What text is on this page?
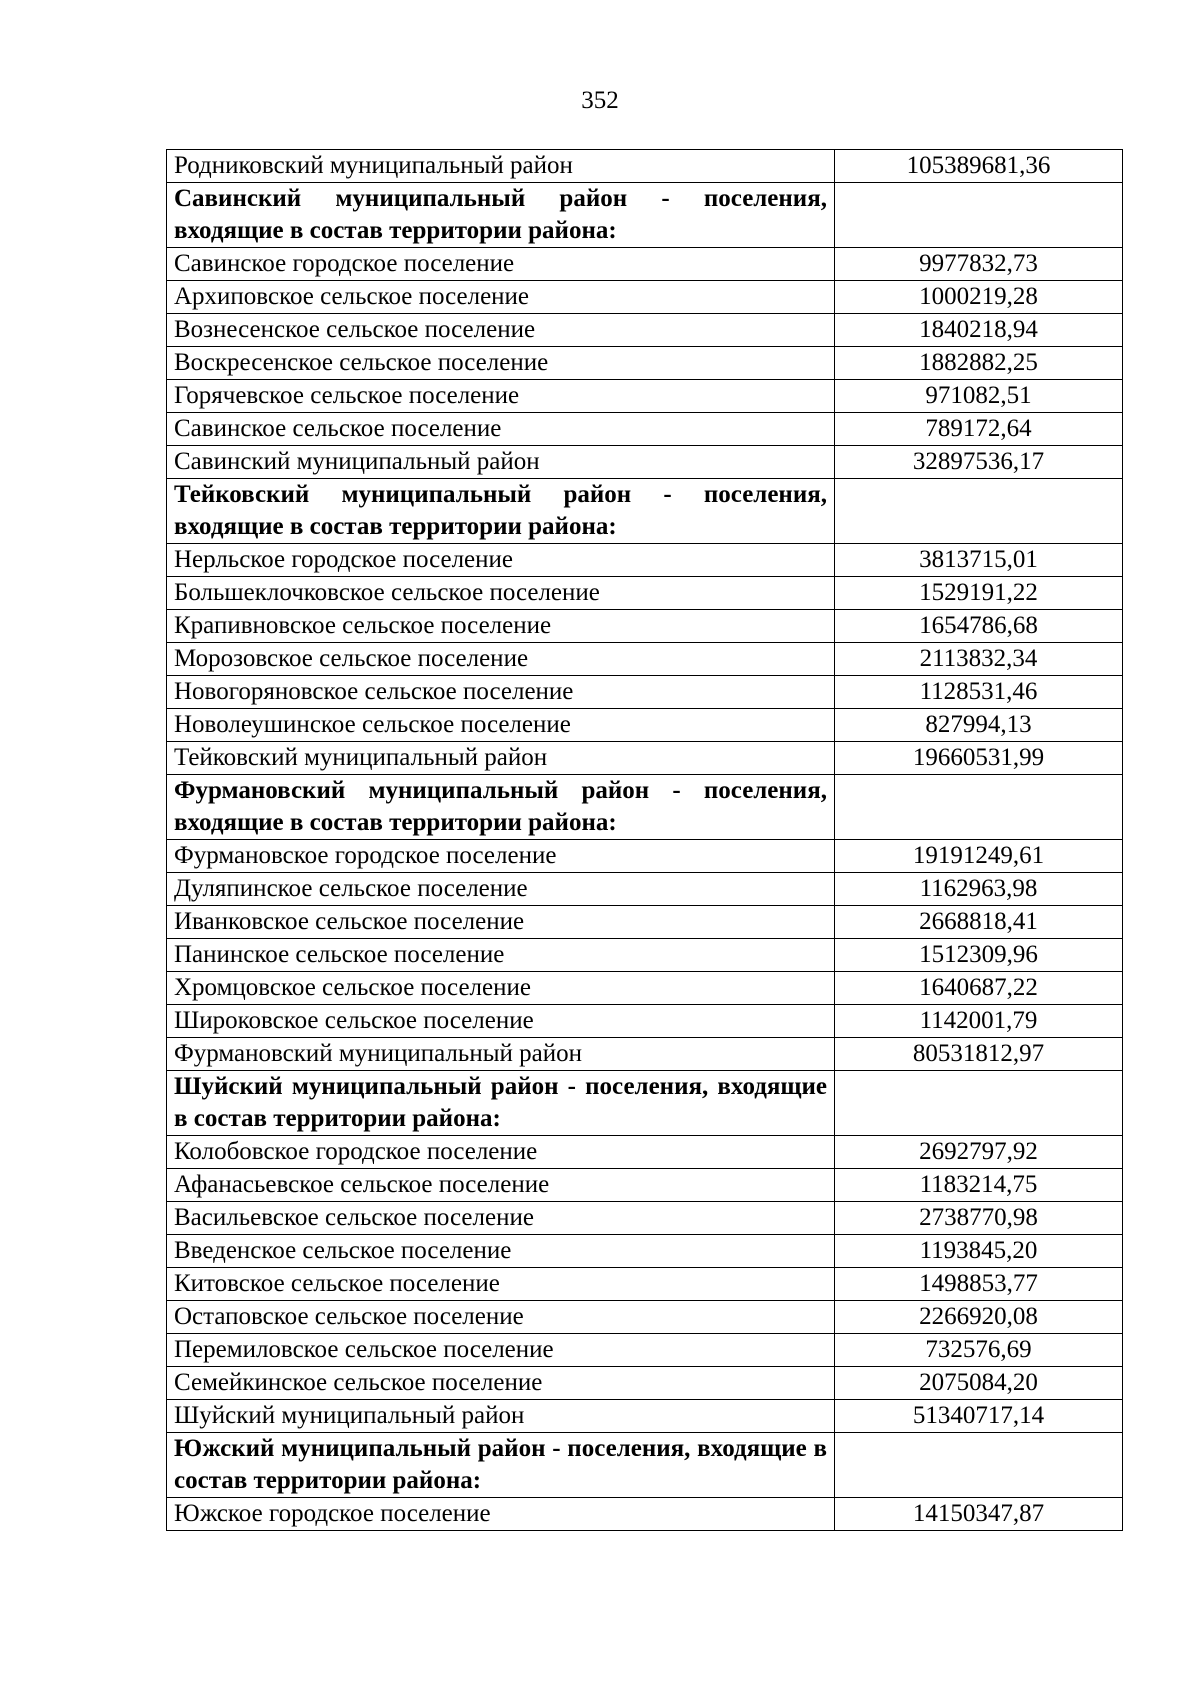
352
Родниковский муниципальный район	105389681,36
Савинский муниципальный район - поселения, входящие в состав территории района:	
Савинское городское поселение	9977832,73
Архиповское сельское поселение	1000219,28
Вознесенское сельское поселение	1840218,94
Воскресенское сельское поселение	1882882,25
Горячевское сельское поселение	971082,51
Савинское сельское поселение	789172,64
Савинский муниципальный район	32897536,17
Тейковский муниципальный район - поселения, входящие в состав территории района:	
Нерльское городское поселение	3813715,01
Большеклочковское сельское поселение	1529191,22
Крапивновское сельское поселение	1654786,68
Морозовское сельское поселение	2113832,34
Новогоряновское сельское поселение	1128531,46
Новолеушинское сельское поселение	827994,13
Тейковский муниципальный район	19660531,99
Фурмановский муниципальный район - поселения, входящие в состав территории района:	
Фурмановское городское поселение	19191249,61
Дуляпинское сельское поселение	1162963,98
Иванковское сельское поселение	2668818,41
Панинское сельское поселение	1512309,96
Хромцовское сельское поселение	1640687,22
Широковское сельское поселение	1142001,79
Фурмановский муниципальный район	80531812,97
Шуйский муниципальный район - поселения, входящие в состав территории района:	
Колобовское городское поселение	2692797,92
Афанасьевское сельское поселение	1183214,75
Васильевское сельское поселение	2738770,98
Введенское сельское поселение	1193845,20
Китовское сельское поселение	1498853,77
Остаповское сельское поселение	2266920,08
Перемиловское сельское поселение	732576,69
Семейкинское сельское поселение	2075084,20
Шуйский муниципальный район	51340717,14
Южский муниципальный район - поселения, входящие в состав территории района:	
Южское городское поселение	14150347,87
